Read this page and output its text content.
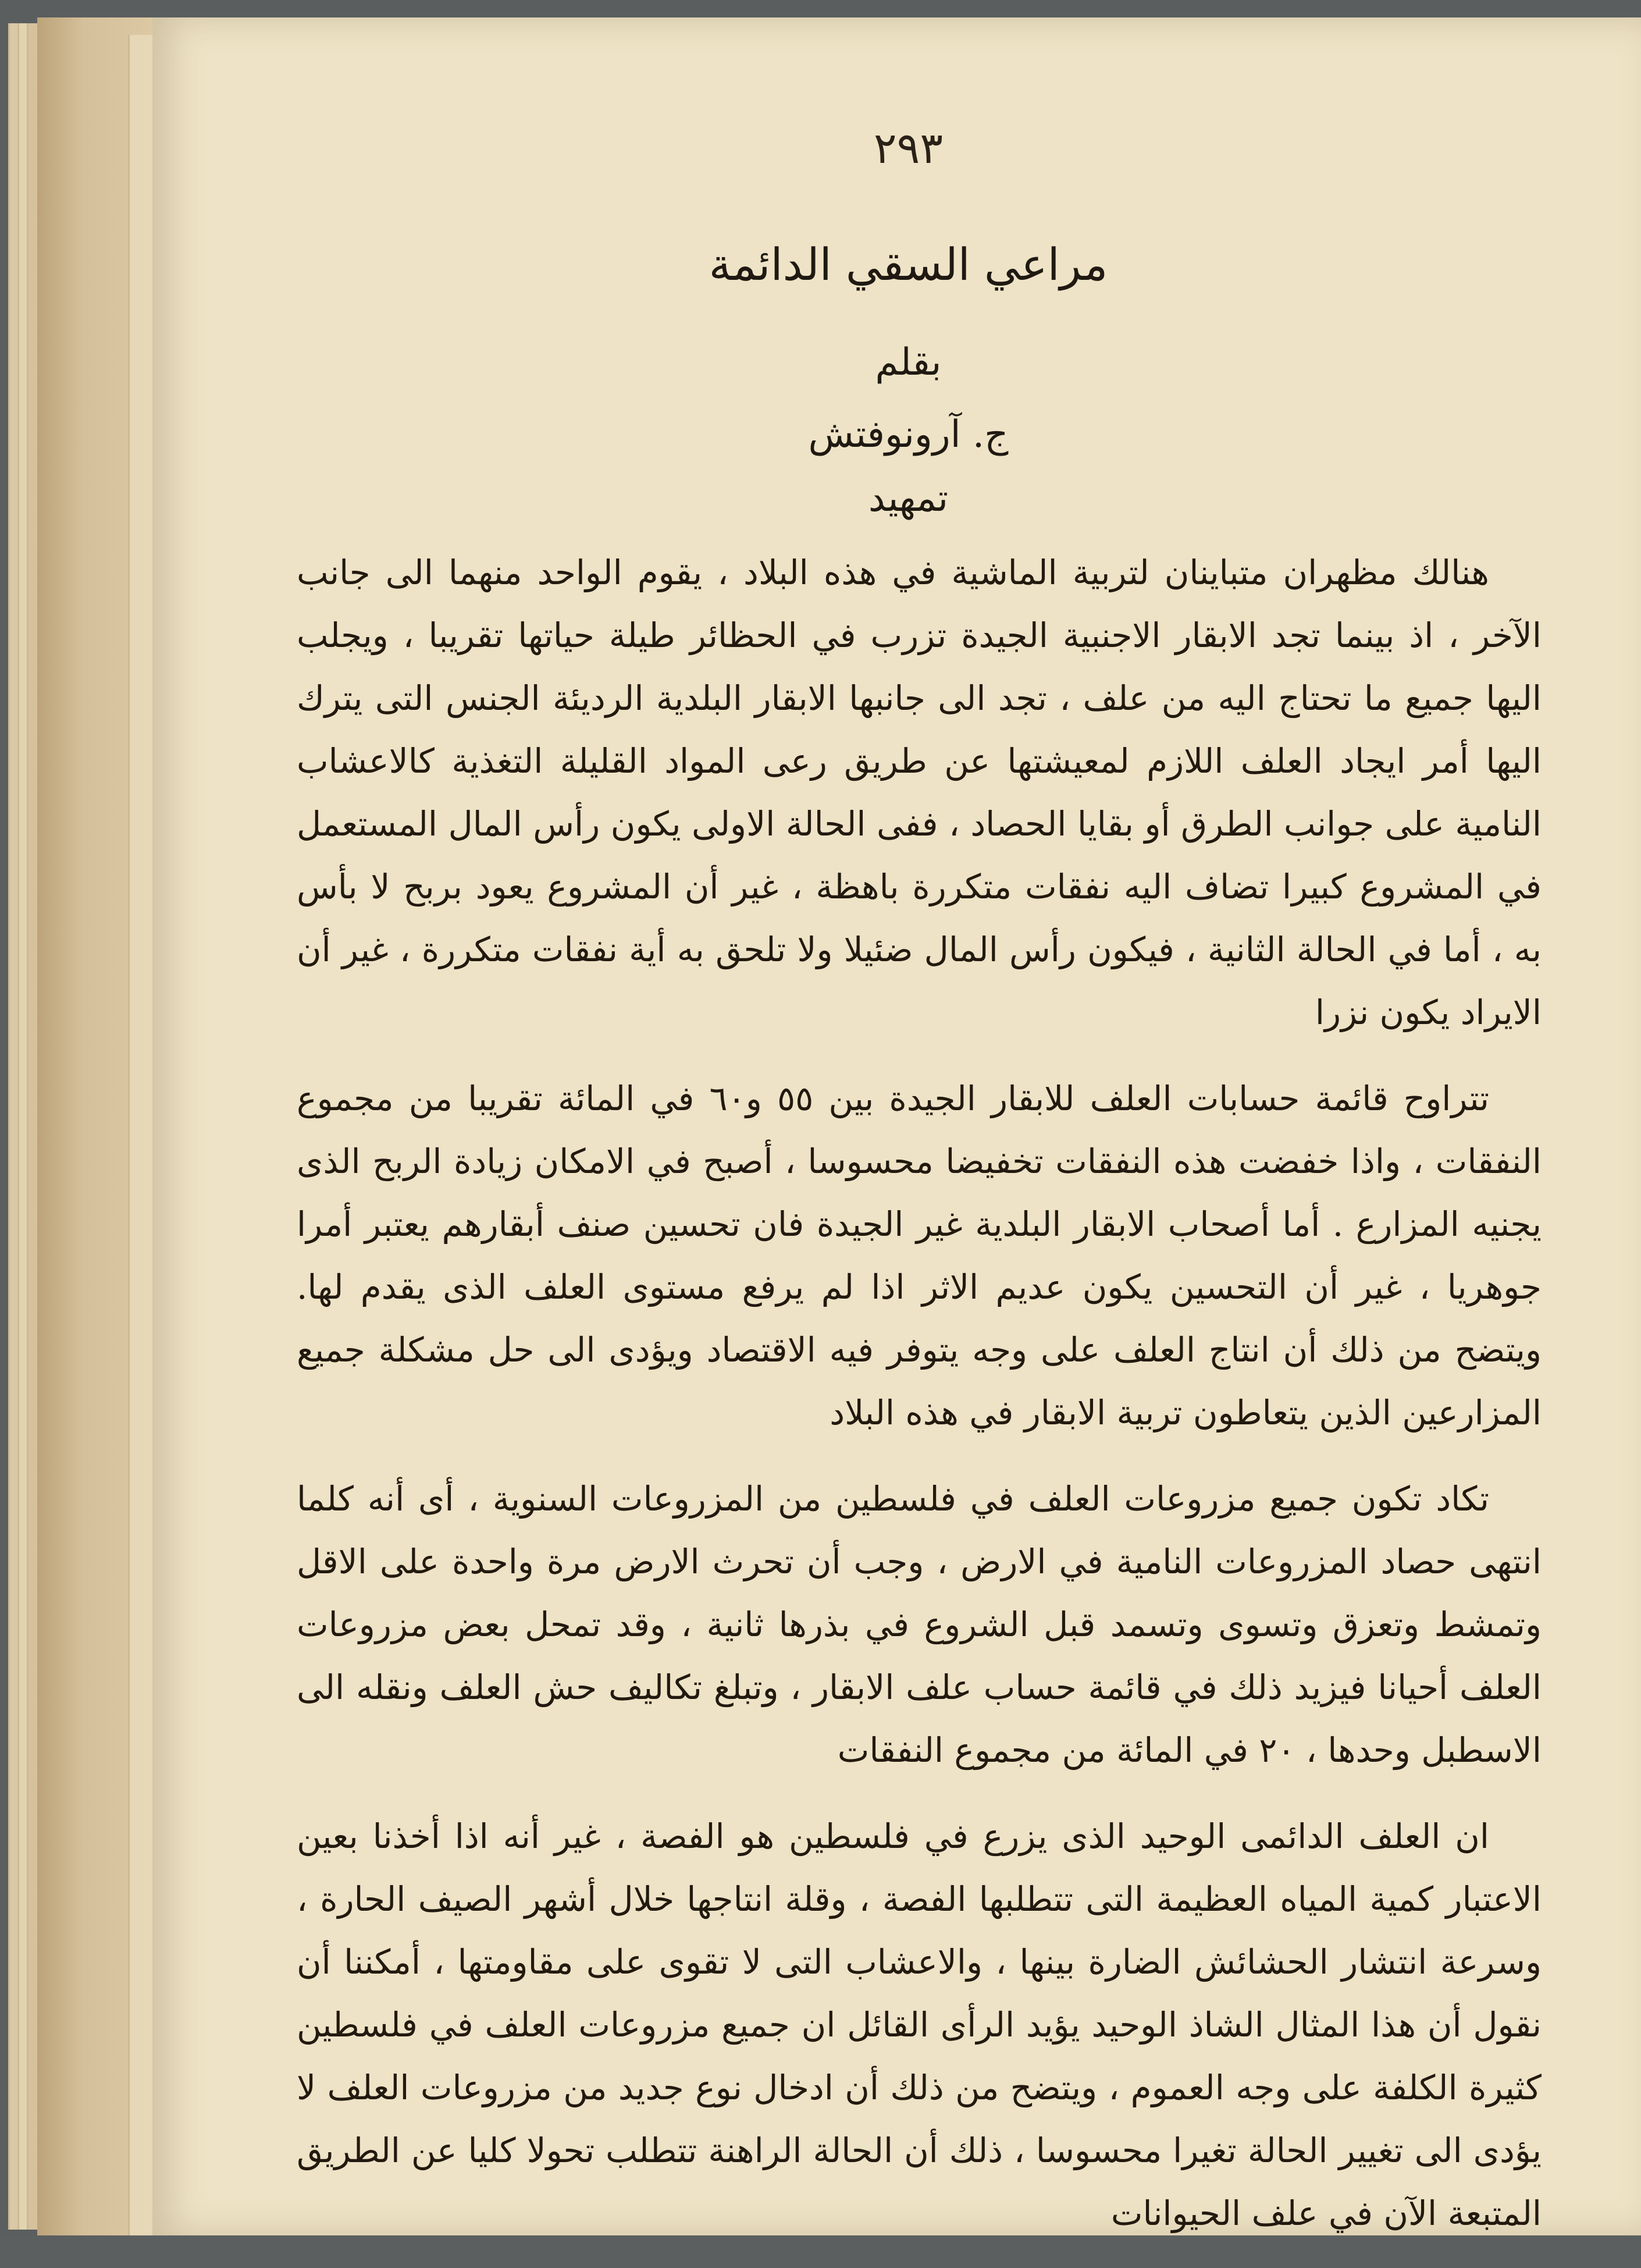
٢٩٣
مراعي السقي الدائمة
بقلم
ج. آرونوفتش
تمهيد

هنالك مظهران متباينان لتربية الماشية في هذه البلاد ، يقوم الواحد منهما الى جانب الآخر ، اذ بينما تجد الابقار الاجنبية الجيدة تزرب في الحظائر طيلة حياتها تقريبا ، ويجلب اليها جميع ما تحتاج اليه من علف ، تجد الى جانبها الابقار البلدية الرديئة الجنس التى يترك اليها أمر ايجاد العلف اللازم لمعيشتها عن طريق رعى المواد القليلة التغذية كالاعشاب النامية على جوانب الطرق أو بقايا الحصاد ، ففى الحالة الاولى يكون رأس المال المستعمل في المشروع كبيرا تضاف اليه نفقات متكررة باهظة ، غير أن المشروع يعود بربح لا بأس به ، أما في الحالة الثانية ، فيكون رأس المال ضئيلا ولا تلحق به أية نفقات متكررة ، غير أن الايراد يكون نزرا

تتراوح قائمة حسابات العلف للابقار الجيدة بين ٥٥ و٦٠ في المائة تقريبا من مجموع النفقات ، واذا خفضت هذه النفقات تخفيضا محسوسا ، أصبح في الامكان زيادة الربح الذى يجنيه المزارع . أما أصحاب الابقار البلدية غير الجيدة فان تحسين صنف أبقارهم يعتبر أمرا جوهريا ، غير أن التحسين يكون عديم الاثر اذا لم يرفع مستوى العلف الذى يقدم لها. ويتضح من ذلك أن انتاج العلف على وجه يتوفر فيه الاقتصاد ويؤدى الى حل مشكلة جميع المزارعين الذين يتعاطون تربية الابقار في هذه البلاد

تكاد تكون جميع مزروعات العلف في فلسطين من المزروعات السنوية ، أى أنه كلما انتهى حصاد المزروعات النامية في الارض ، وجب أن تحرث الارض مرة واحدة على الاقل وتمشط وتعزق وتسوى وتسمد قبل الشروع في بذرها ثانية ، وقد تمحل بعض مزروعات العلف أحيانا فيزيد ذلك في قائمة حساب علف الابقار ، وتبلغ تكاليف حش العلف ونقله الى الاسطبل وحدها ، ٢٠ في المائة من مجموع النفقات

ان العلف الدائمى الوحيد الذى يزرع في فلسطين هو الفصة ، غير أنه اذا أخذنا بعين الاعتبار كمية المياه العظيمة التى تتطلبها الفصة ، وقلة انتاجها خلال أشهر الصيف الحارة ، وسرعة انتشار الحشائش الضارة بينها ، والاعشاب التى لا تقوى على مقاومتها ، أمكننا أن نقول أن هذا المثال الشاذ الوحيد يؤيد الرأى القائل ان جميع مزروعات العلف في فلسطين كثيرة الكلفة على وجه العموم ، ويتضح من ذلك أن ادخال نوع جديد من مزروعات العلف لا يؤدى الى تغيير الحالة تغيرا محسوسا ، ذلك أن الحالة الراهنة تتطلب تحولا كليا عن الطريق المتبعة الآن في علف الحيوانات
